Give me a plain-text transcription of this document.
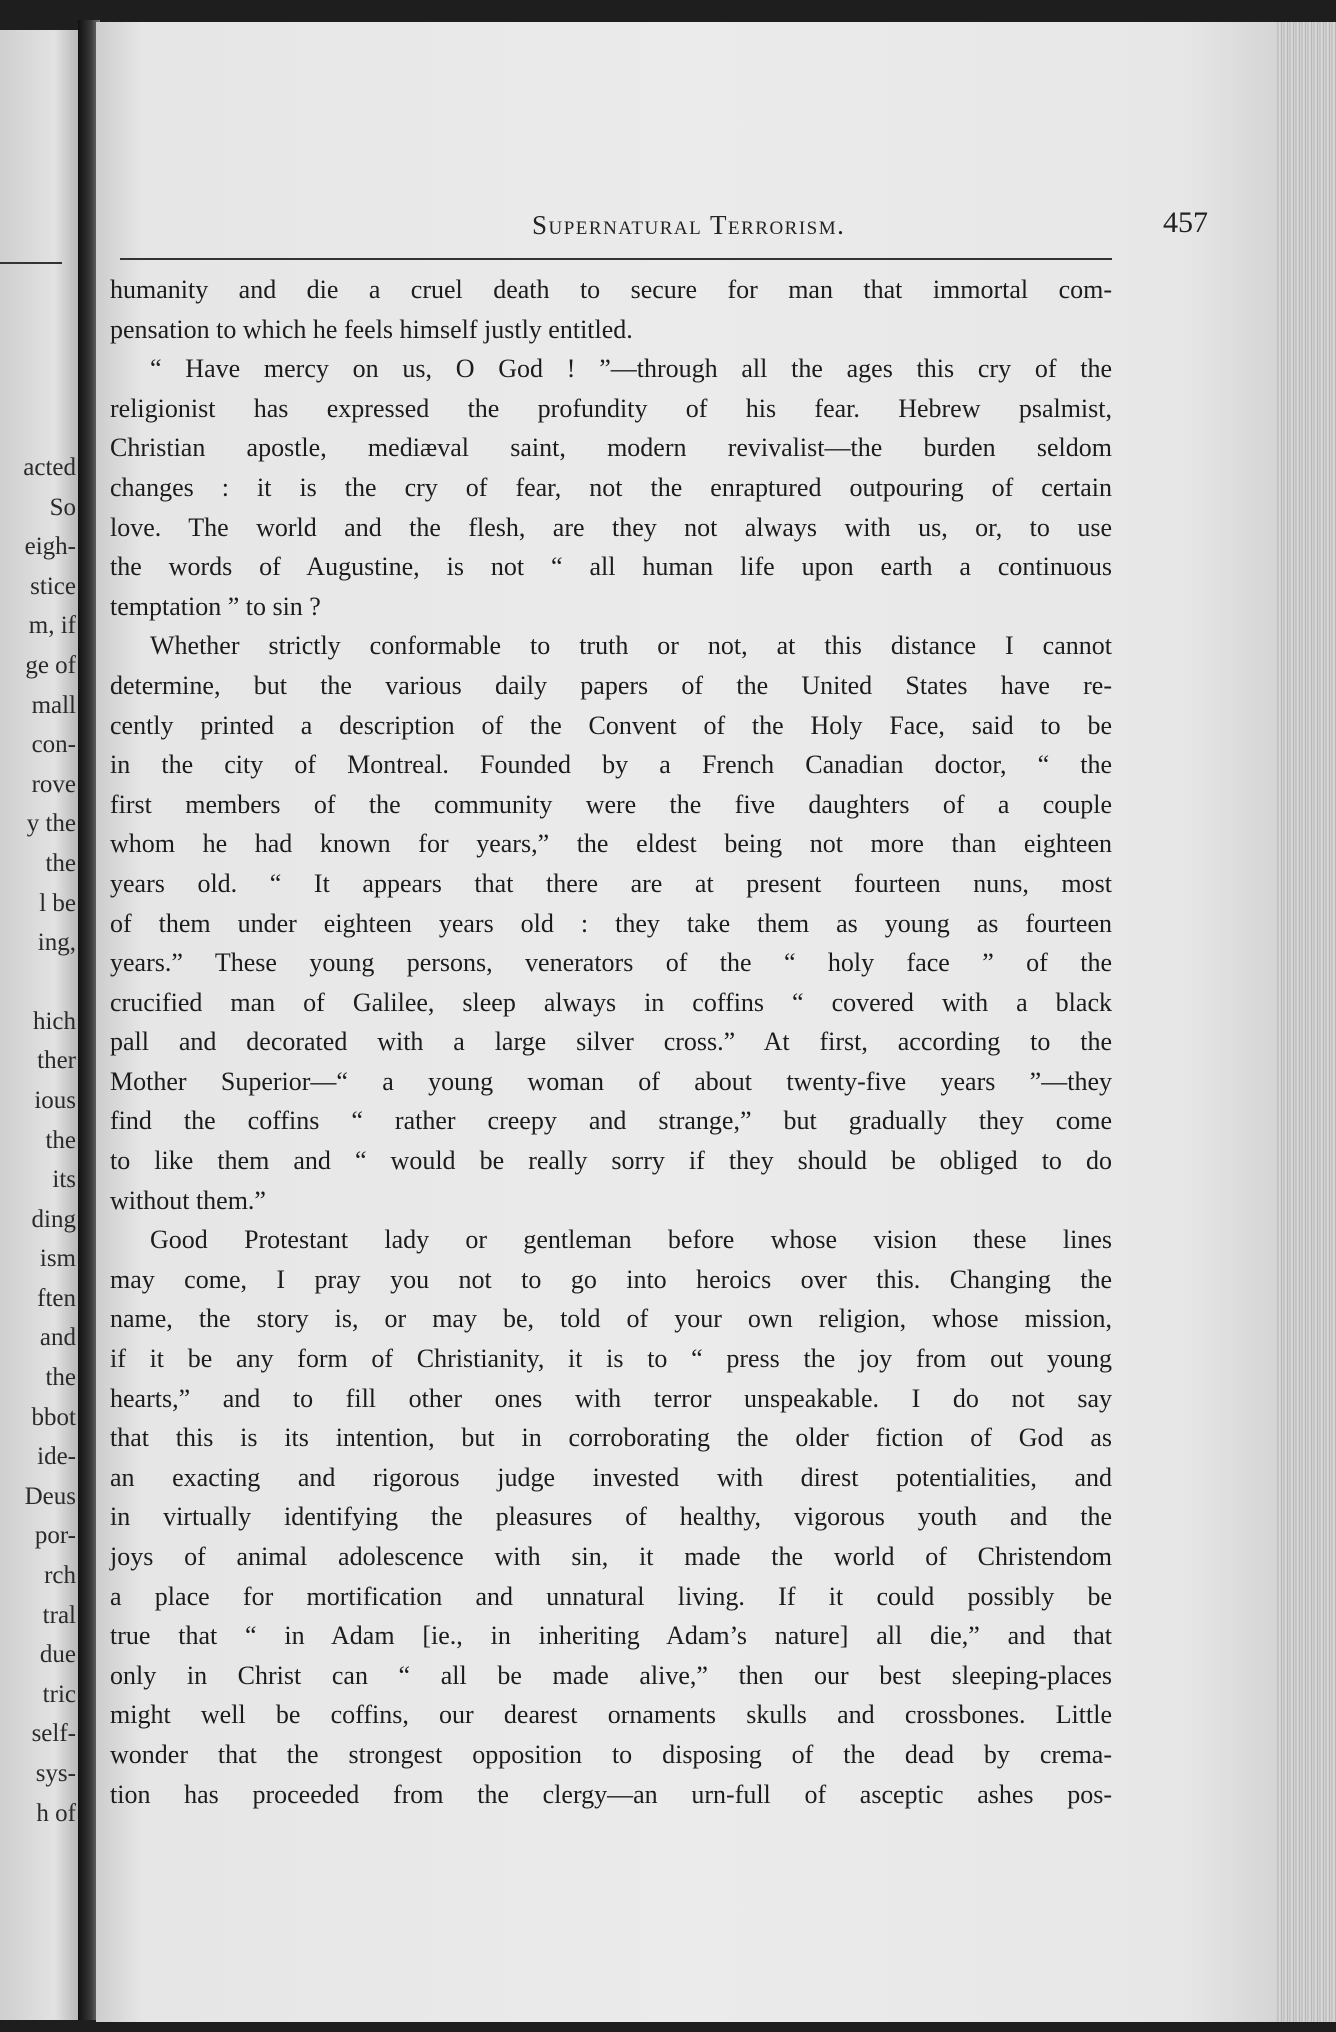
acted
So
eigh-
stice
m, if
ge of
mall
con-
rove
y the
the
l be
ing,

hich
ther
ious
the
its
ding
ism
ften
and
the
bbot
ide-
Deus
por-
rch
tral
due
tric
self-
sys-
h of
Supernatural Terrorism.	457
humanity and die a cruel death to secure for man that immortal com-
pensation to which he feels himself justly entitled.
“ Have mercy on us, O God ! ”—through all the ages this cry of the
religionist has expressed the profundity of his fear. Hebrew psalmist,
Christian apostle, mediæval saint, modern revivalist—the burden seldom
changes : it is the cry of fear, not the enraptured outpouring of certain
love. The world and the flesh, are they not always with us, or, to use
the words of Augustine, is not “ all human life upon earth a continuous
temptation ” to sin ?
Whether strictly conformable to truth or not, at this distance I cannot
determine, but the various daily papers of the United States have re-
cently printed a description of the Convent of the Holy Face, said to be
in the city of Montreal. Founded by a French Canadian doctor, “ the
first members of the community were the five daughters of a couple
whom he had known for years,” the eldest being not more than eighteen
years old. “ It appears that there are at present fourteen nuns, most
of them under eighteen years old : they take them as young as fourteen
years.” These young persons, venerators of the “ holy face ” of the
crucified man of Galilee, sleep always in coffins “ covered with a black
pall and decorated with a large silver cross.” At first, according to the
Mother Superior—“ a young woman of about twenty-five years ”—they
find the coffins “ rather creepy and strange,” but gradually they come
to like them and “ would be really sorry if they should be obliged to do
without them.”
Good Protestant lady or gentleman before whose vision these lines
may come, I pray you not to go into heroics over this. Changing the
name, the story is, or may be, told of your own religion, whose mission,
if it be any form of Christianity, it is to “ press the joy from out young
hearts,” and to fill other ones with terror unspeakable. I do not say
that this is its intention, but in corroborating the older fiction of God as
an exacting and rigorous judge invested with direst potentialities, and
in virtually identifying the pleasures of healthy, vigorous youth and the
joys of animal adolescence with sin, it made the world of Christendom
a place for mortification and unnatural living. If it could possibly be
true that “ in Adam [ie., in inheriting Adam’s nature] all die,” and that
only in Christ can “ all be made alive,” then our best sleeping-places
might well be coffins, our dearest ornaments skulls and crossbones. Little
wonder that the strongest opposition to disposing of the dead by crema-
tion has proceeded from the clergy—an urn-full of asceptic ashes pos-
